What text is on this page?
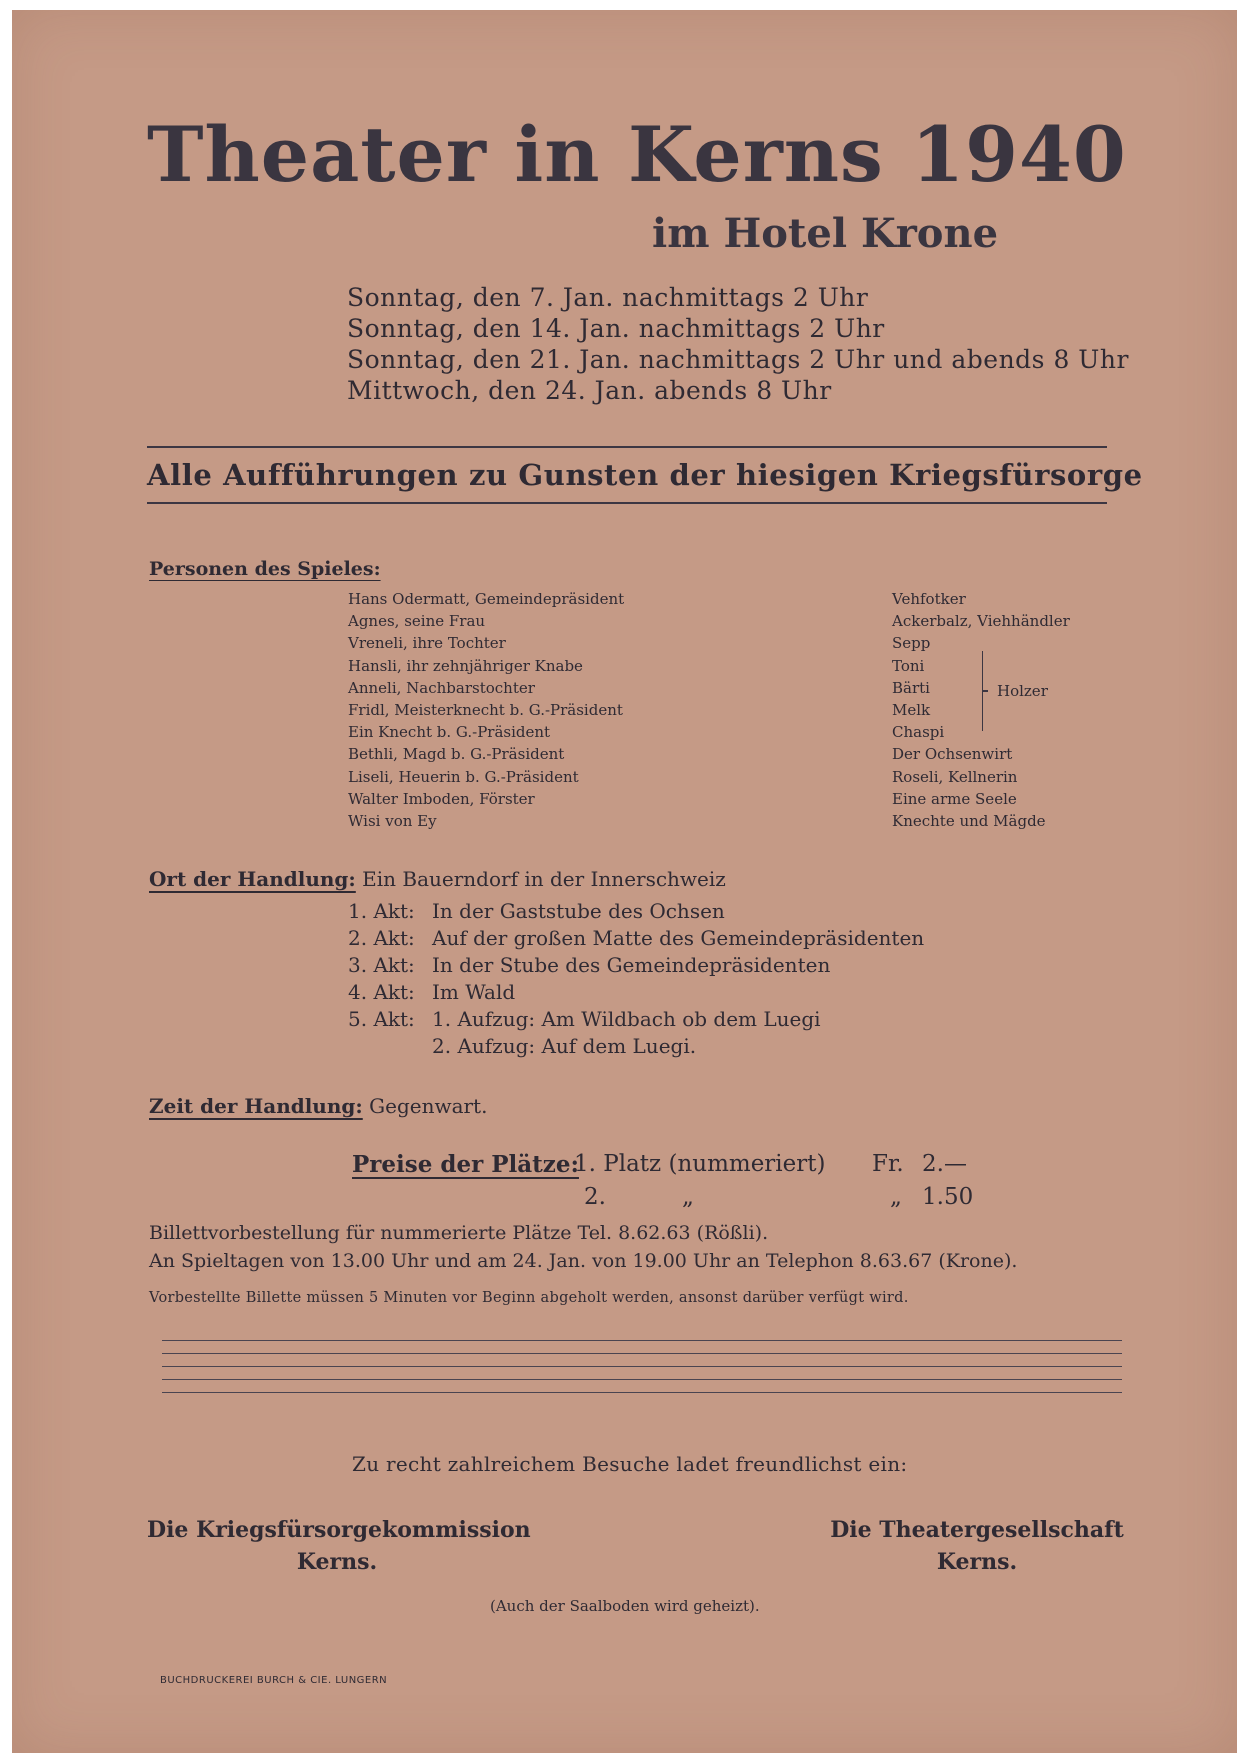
Theater in Kerns 1940
im Hotel Krone
Sonntag, den 7. Jan. nachmittags 2 Uhr
Sonntag, den 14. Jan. nachmittags 2 Uhr
Sonntag, den 21. Jan. nachmittags 2 Uhr und abends 8 Uhr
Mittwoch, den 24. Jan. abends 8 Uhr
Alle Aufführungen zu Gunsten der hiesigen Kriegsfürsorge
Personen des Spieles:
Hans Odermatt, Gemeindepräsident
Agnes, seine Frau
Vreneli, ihre Tochter
Hansli, ihr zehnjähriger Knabe
Anneli, Nachbarstochter
Fridl, Meisterknecht b. G.-Präsident
Ein Knecht b. G.-Präsident
Bethli, Magd b. G.-Präsident
Liseli, Heuerin b. G.-Präsident
Walter Imboden, Förster
Wisi von Ey
Vehfotker
Ackerbalz, Viehhändler
Sepp
Toni
Bärti
Melk
Chaspi
Der Ochsenwirt
Roseli, Kellnerin
Eine arme Seele
Knechte und Mägde
Holzer
Ort der Handlung: Ein Bauerndorf in der Innerschweiz
1. Akt: In der Gaststube des Ochsen
2. Akt: Auf der großen Matte des Gemeindepräsidenten
3. Akt: In der Stube des Gemeindepräsidenten
4. Akt: Im Wald
5. Akt: 1. Aufzug: Am Wildbach ob dem Luegi
2. Aufzug: Auf dem Luegi.
Zeit der Handlung: Gegenwart.
Preise der Plätze:
1. Platz (nummeriert) Fr. 2.—
2.	„	„ 1.50
Billettvorbestellung für nummerierte Plätze Tel. 8.62.63 (Rößli).
An Spieltagen von 13.00 Uhr und am 24. Jan. von 19.00 Uhr an Telephon 8.63.67 (Krone).
Vorbestellte Billette müssen 5 Minuten vor Beginn abgeholt werden, ansonst darüber verfügt wird.
Zu recht zahlreichem Besuche ladet freundlichst ein:
Die Kriegsfürsorgekommission
Kerns.
Die Theatergesellschaft
Kerns.
(Auch der Saalboden wird geheizt).
BUCHDRUCKEREI BURCH & CIE. LUNGERN
